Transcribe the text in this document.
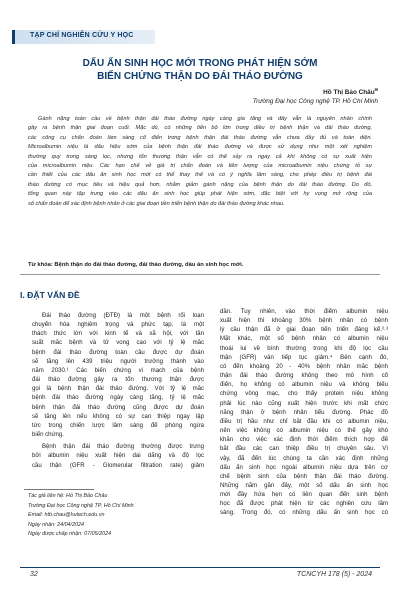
TẠP CHÍ NGHIÊN CỨU Y HỌC
DẤU ẤN SINH HỌC MỚI TRONG PHÁT HIỆN SỚM
BIẾN CHỨNG THẬN DO ĐÁI THÁO ĐƯỜNG
Hồ Thị Bảo Châu✉
Trường Đại học Công nghệ TP. Hồ Chí Minh
Gánh nặng toàn cầu về bệnh thận đái tháo đường ngày càng gia tăng và đây vẫn là nguyên nhân chính
gây ra bệnh thận giai đoạn cuối. Mặc dù, có những tiến bộ lớn trong điều trị bệnh thận và đái tháo đường,
các công cụ chẩn đoán làm sàng cố điển trong bệnh thận đái tháo đường vẫn chưa đầy đủ và toàn diện.
Microalbumin niệu là dấu hiệu sớm của bệnh thận đái tháo đường và được sử dụng như một xét nghiệm
thường quy trong sàng lọc, nhưng tổn thương thận vẫn có thể xảy ra ngay cả khi không có sự xuất hiện
của microalbumin niệu. Các hạn chế về giá trị chẩn đoán và tiên lượng của microalbumin niệu chứng tỏ sự
cần thiết của các dấu ấn sinh học mới có thể thay thế và có ý nghĩa lâm sàng, cho phép điều trị bệnh đái
tháo đường có mục tiêu và hiệu quả hơn, nhằm giảm gánh nặng của bệnh thận do đái tháo đường. Do đó,
tổng quan này tập trung vào các dấu ấn sinh học giúp phát hiện sớm, đặc biệt với hy vọng mở rộng của
số chẩn đoán để xác định bệnh nhân ở các giai đoạn tiền triển bệnh thận do đái tháo đường khác nhau.
Từ khóa: Bệnh thận do đái tháo đường, đái tháo đường, dấu ấn sinh học mới.
I. ĐẶT VẤN ĐỀ
Đái tháo đường (ĐTĐ) là một bệnh rối loạn
chuyển hóa nghiêm trọng và phức tạp, là một
thách thức lớn với kinh tế và xã hội, với tần
suất mắc bệnh và tử vong cao với tỷ lệ mắc
bệnh đái tháo đường toàn cầu được dự đoán
sẽ tăng lên 439 triệu người trưởng thành vào
năm 2030.¹ Các biến chứng vi mạch của bệnh
đái tháo đường gây ra tổn thương thận được
gọi là bệnh thận đái tháo đường. Với tỷ lệ mắc
bệnh đái tháo đường ngày càng tăng, tỷ lệ mắc
bệnh thận đái tháo đường cũng được dự đoán
sẽ tăng lên nếu không có sự can thiệp ngay lập
tức trong chiến lược lâm sàng để phòng ngừa
biến chứng.
Bệnh thận đái tháo đường thường được trưng
bởi albumin niệu xuất hiện dai dẳng và độ lọc
cầu thận (GFR - Glomerular filtration rate) giảm
dần. Tuy nhiên, vào thời điểm albumin niệu
xuất hiện thì khoảng 30% bệnh nhân có bệnh
lý cầu thận đã ở giai đoạn tiến triển đáng kể.²·³
Mặt khác, một số bệnh nhân có albumin niệu
thoái lui về bình thường trong khi độ lọc cầu
thận (GFR) vẫn tiếp tục giảm.⁴ Bên cạnh đó,
có đến khoảng 20 - 40% bệnh nhân mắc bệnh
thận đái tháo đường không theo mô hình cổ
điển, họ không có albumin niệu và không biểu
chứng vông mạc, cho thấy protein niệu không
phải lúc nào cũng xuất hiện trước khi mất chức
năng thận ở bệnh nhân tiểu đường. Phác đồ
điều trị hầu như chỉ bắt đầu khi có albumin niệu,
nên việc không có albumin niệu có thể gây khó
khăn cho việc xác định thời điểm thích hợp để
bắt đầu các can thiệp điều trị chuyên sâu. Vì
vậy, đã đến lúc chúng ta cần xác định những
dấu ấn sinh học ngoài albumin niệu dựa trên cơ
chế bệnh sinh của bệnh thận đái tháo đường.
Những năm gần đây, một số dấu ấn sinh học
mới đầy hứa hẹn có liên quan đến sinh bệnh
học đã được phát hiện từ các nghiên cứu lâm
sàng. Trong đó, có những dấu ấn sinh học có
Tác giả liên hệ: Hồ Thị Bảo Châu
Trường Đại học Công nghệ TP. Hồ Chí Minh
Email: htb.chau@hutech.edu.vn
Ngày nhận: 24/04/2024
Ngày được chấp nhận: 07/05/2024
32	TCNCYH 178 (5) - 2024
